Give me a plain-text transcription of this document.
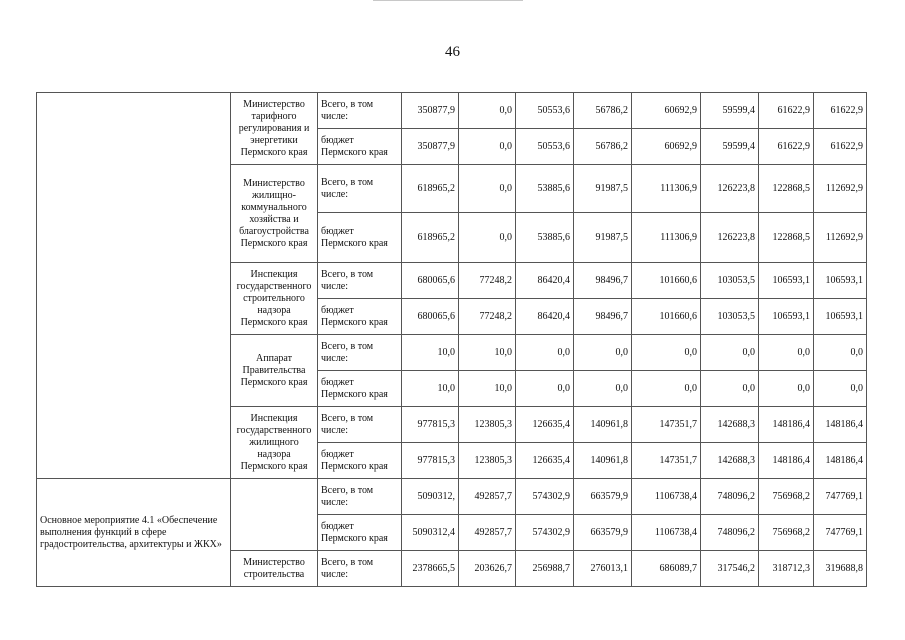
46
	Министерство тарифного регулирования и энергетики Пермского края	Всего, в том
числе:	350877,9	0,0	50553,6	56786,2	60692,9	59599,4	61622,9	61622,9
		бюджет
Пермского края	350877,9	0,0	50553,6	56786,2	60692,9	59599,4	61622,9	61622,9
	Министерство жилищно-коммунального хозяйства и благоустройства Пермского края	Всего, в том
числе:	618965,2	0,0	53885,6	91987,5	111306,9	126223,8	122868,5	112692,9
		бюджет
Пермского края	618965,2	0,0	53885,6	91987,5	111306,9	126223,8	122868,5	112692,9
	Инспекция государственного строительного надзора Пермского края	Всего, в том
числе:	680065,6	77248,2	86420,4	98496,7	101660,6	103053,5	106593,1	106593,1
		бюджет
Пермского края	680065,6	77248,2	86420,4	98496,7	101660,6	103053,5	106593,1	106593,1
	Аппарат Правительства Пермского края	Всего, в том
числе:	10,0	10,0	0,0	0,0	0,0	0,0	0,0	0,0
		бюджет
Пермского края	10,0	10,0	0,0	0,0	0,0	0,0	0,0	0,0
	Инспекция государственного жилищного надзора Пермского края	Всего, в том
числе:	977815,3	123805,3	126635,4	140961,8	147351,7	142688,3	148186,4	148186,4
		бюджет
Пермского края	977815,3	123805,3	126635,4	140961,8	147351,7	142688,3	148186,4	148186,4
Основное мероприятие 4.1 «Обеспечение выполнения функций в сфере градостроительства, архитектуры и ЖКХ»		Всего, в том
числе:	5090312,	492857,7	574302,9	663579,9	1106738,4	748096,2	756968,2	747769,1
		бюджет
Пермского края	5090312,4	492857,7	574302,9	663579,9	1106738,4	748096,2	756968,2	747769,1
	Министерство строительства	Всего, в том
числе:	2378665,5	203626,7	256988,7	276013,1	686089,7	317546,2	318712,3	319688,8
